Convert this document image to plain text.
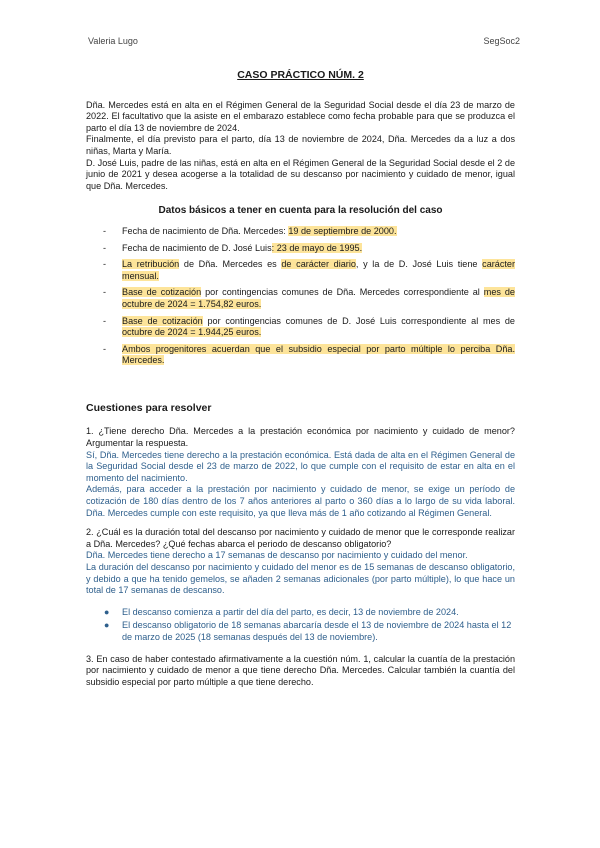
Valeria Lugo	SegSoc2
CASO PRÁCTICO NÚM. 2

Dña. Mercedes está en alta en el Régimen General de la Seguridad Social desde el día 23 de marzo de 2022. El facultativo que la asiste en el embarazo establece como fecha probable para que se produzca el parto el día 13 de noviembre de 2024.

Finalmente, el día previsto para el parto, día 13 de noviembre de 2024, Dña. Mercedes da a luz a dos niñas, Marta y María.

D. José Luis, padre de las niñas, está en alta en el Régimen General de la Seguridad Social desde el 2 de junio de 2021 y desea acogerse a la totalidad de su descanso por nacimiento y cuidado de menor, igual que Dña. Mercedes.

Datos básicos a tener en cuenta para la resolución del caso
- Fecha de nacimiento de Dña. Mercedes: 19 de septiembre de 2000.
- Fecha de nacimiento de D. José Luis: 23 de mayo de 1995.
- La retribución de Dña. Mercedes es de carácter diario, y la de D. José Luis tiene carácter mensual.
- Base de cotización por contingencias comunes de Dña. Mercedes correspondiente al mes de octubre de 2024 = 1.754,82 euros.
- Base de cotización por contingencias comunes de D. José Luis correspondiente al mes de octubre de 2024 = 1.944,25 euros.
- Ambos progenitores acuerdan que el subsidio especial por parto múltiple lo perciba Dña. Mercedes.
Cuestiones para resolver

1. ¿Tiene derecho Dña. Mercedes a la prestación económica por nacimiento y cuidado de menor? Argumentar la respuesta.

Sí, Dña. Mercedes tiene derecho a la prestación económica. Está dada de alta en el Régimen General de la Seguridad Social desde el 23 de marzo de 2022, lo que cumple con el requisito de estar en alta en el momento del nacimiento.

Además, para acceder a la prestación por nacimiento y cuidado de menor, se exige un período de cotización de 180 días dentro de los 7 años anteriores al parto o 360 días a lo largo de su vida laboral. Dña. Mercedes cumple con este requisito, ya que lleva más de 1 año cotizando al Régimen General.

2. ¿Cuál es la duración total del descanso por nacimiento y cuidado de menor que le corresponde realizar a Dña. Mercedes? ¿Qué fechas abarca el periodo de descanso obligatorio?

Dña. Mercedes tiene derecho a 17 semanas de descanso por nacimiento y cuidado del menor.

La duración del descanso por nacimiento y cuidado del menor es de 15 semanas de descanso obligatorio, y debido a que ha tenido gemelos, se añaden 2 semanas adicionales (por parto múltiple), lo que hace un total de 17 semanas de descanso.

● El descanso comienza a partir del día del parto, es decir, 13 de noviembre de 2024.
● El descanso obligatorio de 18 semanas abarcaría desde el 13 de noviembre de 2024 hasta el 12 de marzo de 2025 (18 semanas después del 13 de noviembre).

3. En caso de haber contestado afirmativamente a la cuestión núm. 1, calcular la cuantía de la prestación por nacimiento y cuidado de menor a que tiene derecho Dña. Mercedes. Calcular también la cuantía del subsidio especial por parto múltiple a que tiene derecho.
